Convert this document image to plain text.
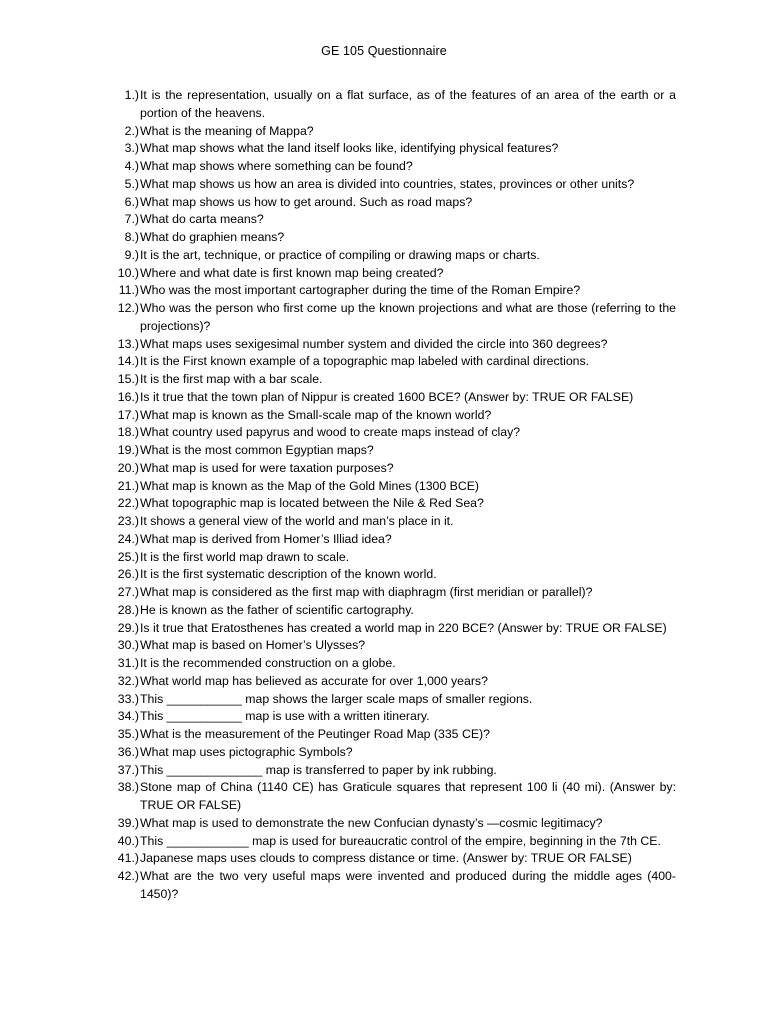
GE 105 Questionnaire
1.) It is the representation, usually on a flat surface, as of the features of an area of the earth or a portion of the heavens.
2.) What is the meaning of Mappa?
3.) What map shows what the land itself looks like, identifying physical features?
4.) What map shows where something can be found?
5.) What map shows us how an area is divided into countries, states, provinces or other units?
6.) What map shows us how to get around. Such as road maps?
7.) What do carta means?
8.) What do graphien means?
9.) It is the art, technique, or practice of compiling or drawing maps or charts.
10.) Where and what date is first known map being created?
11.) Who was the most important cartographer during the time of the Roman Empire?
12.) Who was the person who first come up the known projections and what are those (referring to the projections)?
13.) What maps uses sexigesimal number system and divided the circle into 360 degrees?
14.) It is the First known example of a topographic map labeled with cardinal directions.
15.) It is the first map with a bar scale.
16.) Is it true that the town plan of Nippur is created 1600 BCE? (Answer by: TRUE OR FALSE)
17.) What map is known as the Small-scale map of the known world?
18.) What country used papyrus and wood to create maps instead of clay?
19.) What is the most common Egyptian maps?
20.) What map is used for were taxation purposes?
21.) What map is known as the Map of the Gold Mines (1300 BCE)
22.) What topographic map is located between the Nile & Red Sea?
23.) It shows a general view of the world and man’s place in it.
24.) What map is derived from Homer’s Illiad idea?
25.) It is the first world map drawn to scale.
26.) It is the first systematic description of the known world.
27.) What map is considered as the first map with diaphragm (first meridian or parallel)?
28.) He is known as the father of scientific cartography.
29.) Is it true that Eratosthenes has created a world map in 220 BCE? (Answer by: TRUE OR FALSE)
30.) What map is based on Homer’s Ulysses?
31.) It is the recommended construction on a globe.
32.) What world map has believed as accurate for over 1,000 years?
33.) This ___________ map shows the larger scale maps of smaller regions.
34.) This ___________ map is use with a written itinerary.
35.) What is the measurement of the Peutinger Road Map (335 CE)?
36.) What map uses pictographic Symbols?
37.) This ______________ map is transferred to paper by ink rubbing.
38.) Stone map of China (1140 CE) has Graticule squares that represent 100 li (40 mi). (Answer by: TRUE OR FALSE)
39.) What map is used to demonstrate the new Confucian dynasty’s —cosmic legitimacy?
40.) This ____________ map is used for bureaucratic control of the empire, beginning in the 7th CE.
41.) Japanese maps uses clouds to compress distance or time. (Answer by: TRUE OR FALSE)
42.) What are the two very useful maps were invented and produced during the middle ages (400-1450)?
